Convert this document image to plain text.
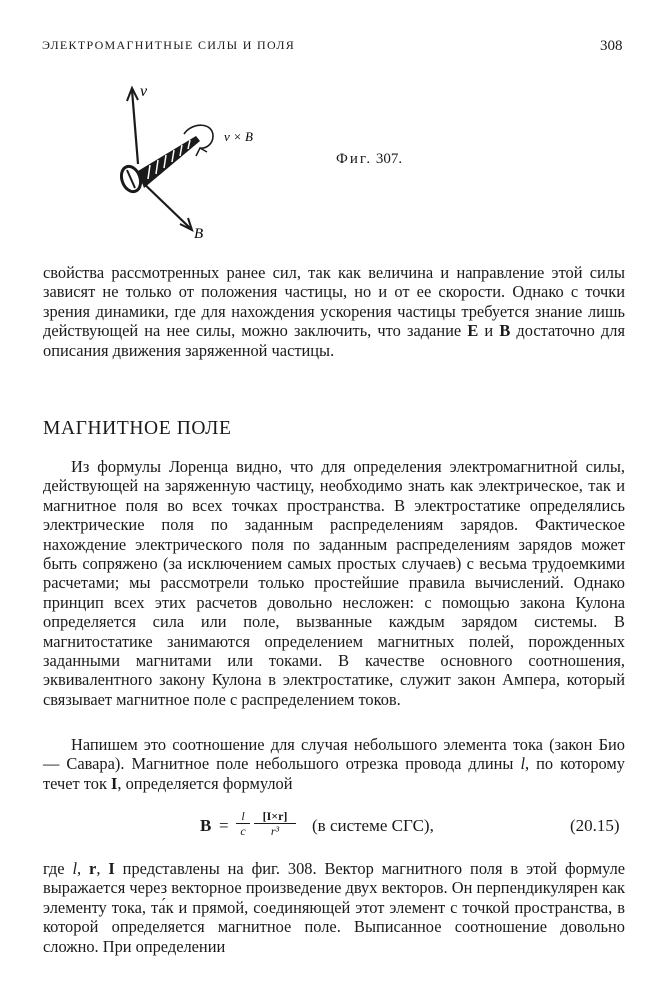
ЭЛЕКТРОМАГНИТНЫЕ СИЛЫ И ПОЛЯ	308
v
v × B
B
Фиг. 307.
свойства рассмотренных ранее сил, так как величина и направление этой силы зависят не только от положения частицы, но и от ее скорости. Однако с точки зрения динамики, где для нахождения ускорения частицы требуется знание лишь действующей на нее силы, можно заключить, что задание E и B достаточно для описания движения заряженной частицы.
МАГНИТНОЕ ПОЛЕ
Из формулы Лоренца видно, что для определения электромагнитной силы, действующей на заряженную частицу, необходимо знать как электрическое, так и магнитное поля во всех точках пространства. В электростатике определялись электрические поля по заданным распределениям зарядов. Фактическое нахождение электрического поля по заданным распределениям зарядов может быть сопряжено (за исключением самых простых случаев) с весьма трудоемкими расчетами; мы рассмотрели только простейшие правила вычислений. Однако принцип всех этих расчетов довольно несложен: с помощью закона Кулона определяется сила или поле, вызванные каждым зарядом системы. В магнитостатике занимаются определением магнитных полей, порожденных заданными магнитами или токами. В качестве основного соотношения, эквивалентного закону Кулона в электростатике, служит закон Ампера, который связывает магнитное поле с распределением токов.
Напишем это соотношение для случая небольшого элемента тока (закон Био — Савара). Магнитное поле небольшого отрезка провода длины l, по которому течет ток I, определяется формулой
$B = \frac{l}{c} \frac{[I\times r]}{\text{r³}} (в$ системе СГС),	(20.15)
где l, r, I представлены на фиг. 308. Вектор магнитного поля в этой формуле выражается через векторное произведение двух векторов. Он перпендикулярен как элементу тока, та́к и прямой, соединяющей этот элемент с точкой пространства, в которой определяется магнитное поле. Выписанное соотношение довольно сложно. При определении
